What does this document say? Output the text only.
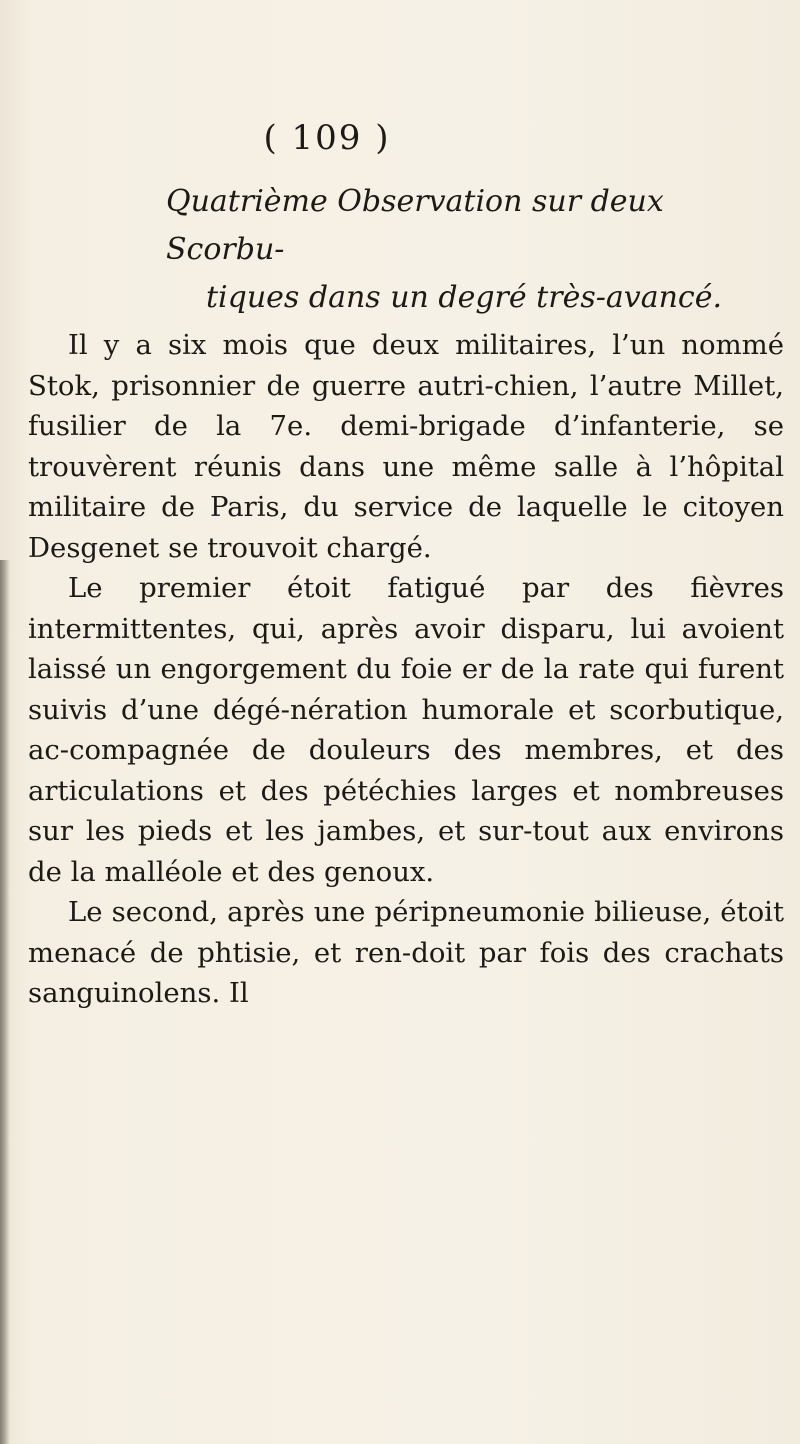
( 109 )
Quatrième Observation sur deux Scorbu-
tiques dans un degré très-avancé.

Il y a six mois que deux militaires, l’un nommé Stok, prisonnier de guerre autri-chien, l’autre Millet, fusilier de la 7e. demi-brigade d’infanterie, se trouvèrent réunis dans une même salle à l’hôpital militaire de Paris, du service de laquelle le citoyen Desgenet se trouvoit chargé.

Le premier étoit fatigué par des fièvres intermittentes, qui, après avoir disparu, lui avoient laissé un engorgement du foie er de la rate qui furent suivis d’une dégé-nération humorale et scorbutique, ac-compagnée de douleurs des membres, et des articulations et des pétéchies larges et nombreuses sur les pieds et les jambes, et sur-tout aux environs de la malléole et des genoux.

Le second, après une péripneumonie bilieuse, étoit menacé de phtisie, et ren-doit par fois des crachats sanguinolens. Il
